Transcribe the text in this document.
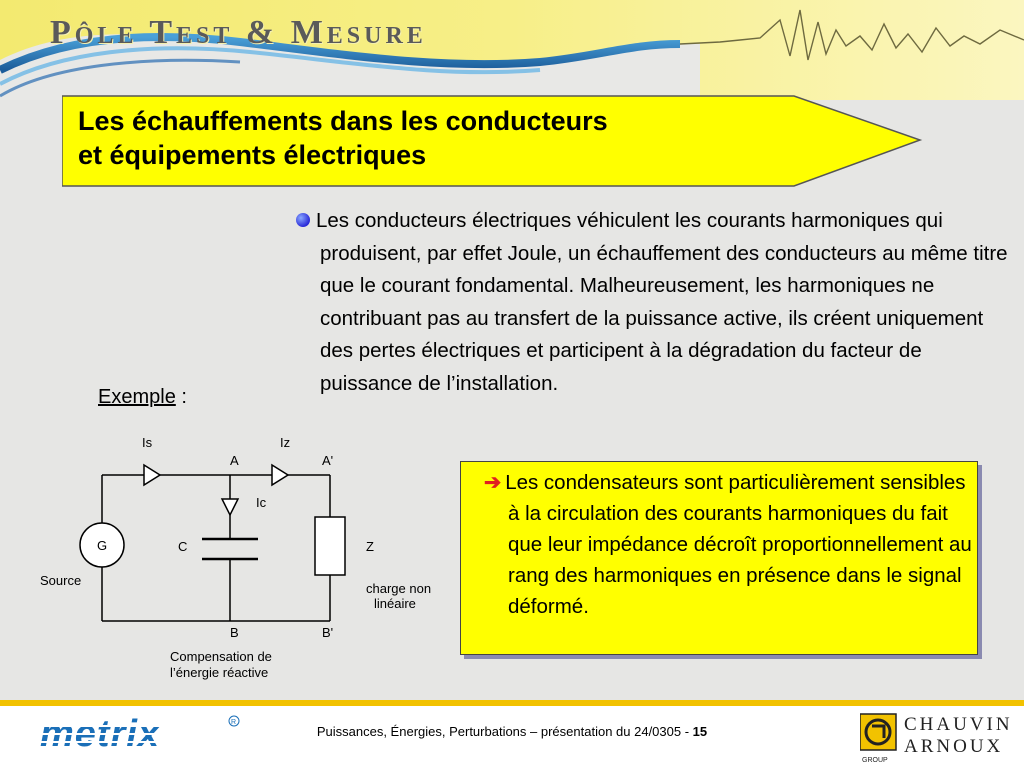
Pôle Test & Mesure
Les échauffements dans les conducteurs
et équipements électriques
Les conducteurs électriques véhiculent les courants harmoniques qui produisent, par effet Joule, un échauffement des conducteurs au même titre que le courant fondamental. Malheureusement, les harmoniques ne contribuant pas au transfert de la puissance active, ils créent uniquement des pertes électriques et participent à la dégradation du facteur de puissance de l’installation.
Exemple :
Is	Iz
Ic
A	A'
B	B'
C	Z
G
Source
charge non
linéaire
Compensation de
l’énergie réactive
➔ Les condensateurs sont particulièrement sensibles à la circulation des courants harmoniques du fait que leur impédance décroît proportionnellement au rang des harmoniques en présence dans le signal déformé.
metrix	R
Puissances, Énergies, Perturbations – présentation du 24/0305 - 15	CHAUVIN
ARNOUX
GROUP
